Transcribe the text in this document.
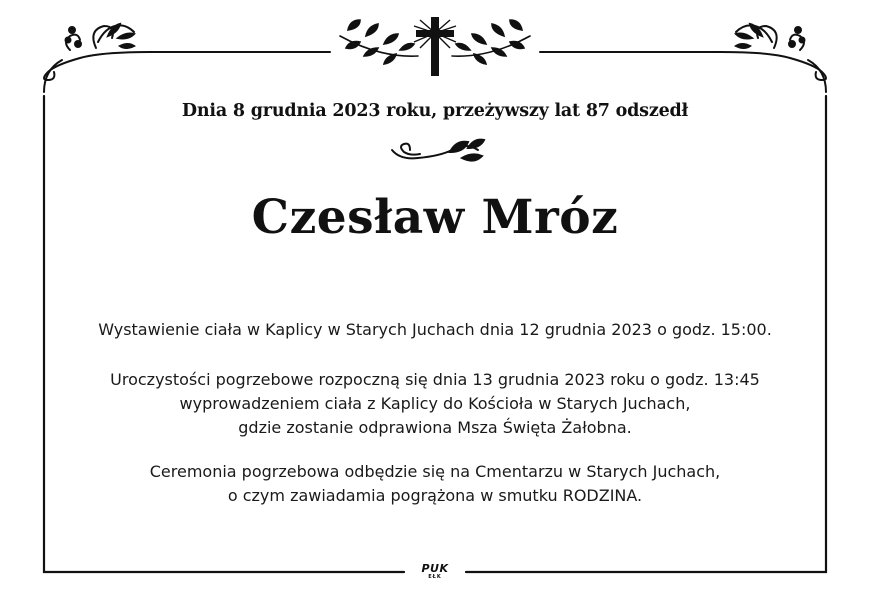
Dnia 8 grudnia 2023 roku, przeżywszy lat 87 odszedł
Czesław Mróz
Wystawienie ciała w Kaplicy w Starych Juchach dnia 12 grudnia 2023 o godz. 15:00.
Uroczystości pogrzebowe rozpoczną się dnia 13 grudnia 2023 roku o godz. 13:45
wyprowadzeniem ciała z Kaplicy do Kościoła w Starych Juchach,
gdzie zostanie odprawiona Msza Święta Żałobna.
Ceremonia pogrzebowa odbędzie się na Cmentarzu w Starych Juchach,
o czym zawiadamia pogrążona w smutku RODZINA.
PUK
EŁK
